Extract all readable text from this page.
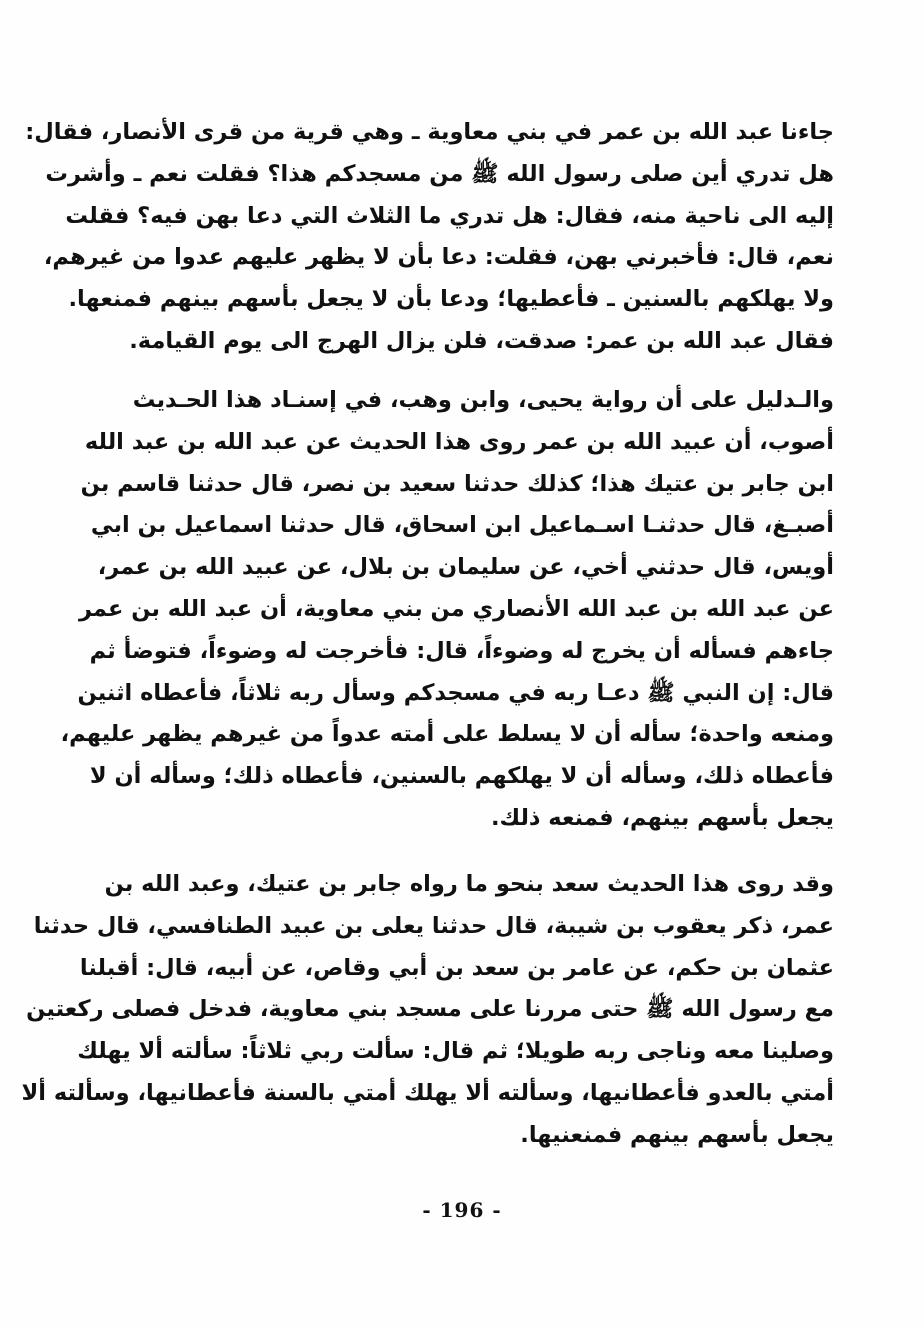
جاءنا عبد الله بن عمر في بني معاوية ـ وهي قرية من قرى الأنصار، فقال:
هل تدري أين صلى رسول الله ﷺ من مسجدكم هذا؟ فقلت نعم ـ وأشرت
إليه الى ناحية منه، فقال: هل تدري ما الثلاث التي دعا بهن فيه؟ فقلت
نعم، قال: فأخبرني بهن، فقلت: دعا بأن لا يظهر عليهم عدوا من غيرهم،
ولا يهلكهم بالسنين ـ فأعطيها؛ ودعا بأن لا يجعل بأسهم بينهم فمنعها.
فقال عبد الله بن عمر: صدقت، فلن يزال الهرج الى يوم القيامة.
والـدليل على أن رواية يحيى، وابن وهب، في إسنـاد هذا الحـديث
أصوب، أن عبيد الله بن عمر روى هذا الحديث عن عبد الله بن عبد الله
ابن جابر بن عتيك هذا؛ كذلك حدثنا سعيد بن نصر، قال حدثنا قاسم بن
أصبـغ، قال حدثنـا اسـماعيل ابن اسحاق، قال حدثنا اسماعيل بن ابي
أويس، قال حدثني أخي، عن سليمان بن بلال، عن عبيد الله بن عمر،
عن عبد الله بن عبد الله الأنصاري من بني معاوية، أن عبد الله بن عمر
جاءهم فسأله أن يخرج له وضوءاً، قال: فأخرجت له وضوءاً، فتوضأ ثم
قال: إن النبي ﷺ دعـا ربه في مسجدكم وسأل ربه ثلاثاً، فأعطاه اثنين
ومنعه واحدة؛ سأله أن لا يسلط على أمته عدواً من غيرهم يظهر عليهم،
فأعطاه ذلك، وسأله أن لا يهلكهم بالسنين، فأعطاه ذلك؛ وسأله أن لا
يجعل بأسهم بينهم، فمنعه ذلك.
وقد روى هذا الحديث سعد بنحو ما رواه جابر بن عتيك، وعبد الله بن
عمر، ذكر يعقوب بن شيبة، قال حدثنا يعلى بن عبيد الطنافسي، قال حدثنا
عثمان بن حكم، عن عامر بن سعد بن أبي وقاص، عن أبيه، قال: أقبلنا
مع رسول الله ﷺ حتى مررنا على مسجد بني معاوية، فدخل فصلى ركعتين
وصلينا معه وناجى ربه طويلا؛ ثم قال: سألت ربي ثلاثاً: سألته ألا يهلك
أمتي بالعدو فأعطانيها، وسألته ألا يهلك أمتي بالسنة فأعطانيها، وسألته ألا
يجعل بأسهم بينهم فمنعنيها.
- 196 -
